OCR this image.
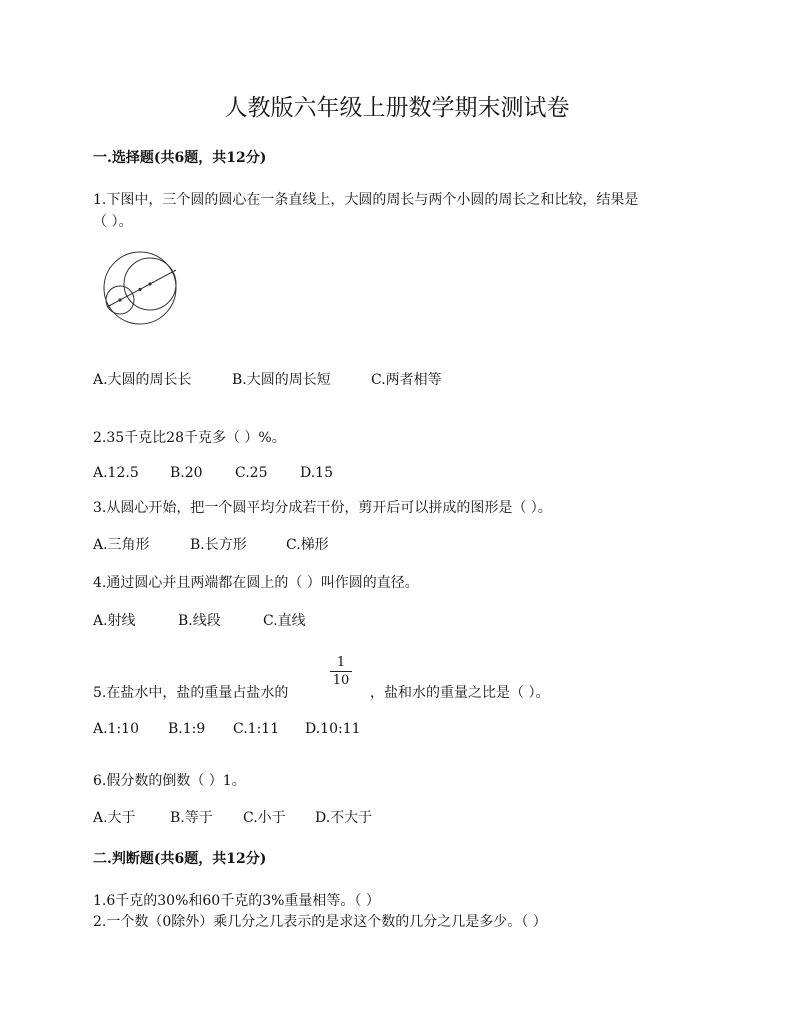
人教版六年级上册数学期末测试卷
一.选择题(共6题，共12分)
1.下图中，三个圆的圆心在一条直线上，大圆的周长与两个小圆的周长之和比较，结果是
（ ）。
A.大圆的周长长	B.大圆的周长短	C.两者相等
2.35千克比28千克多（ ）%。
A.12.5 B.20 C.25 D.15
3.从圆心开始，把一个圆平均分成若干份，剪开后可以拼成的图形是（ ）。
A.三角形	B.长方形	C.梯形
4.通过圆心并且两端都在圆上的（ ）叫作圆的直径。
A.射线	B.线段	C.直线
5.在盐水中，盐的重量占盐水的
1
10
，盐和水的重量之比是（ ）。
A.1:10 B.1:9 C.1:11 D.10:11
6.假分数的倒数（ ）1。
A.大于 B.等于 C.小于 D.不大于
二.判断题(共6题，共12分)
1.6千克的30%和60千克的3%重量相等。（ ）
2.一个数（0除外）乘几分之几表示的是求这个数的几分之几是多少。（ ）
